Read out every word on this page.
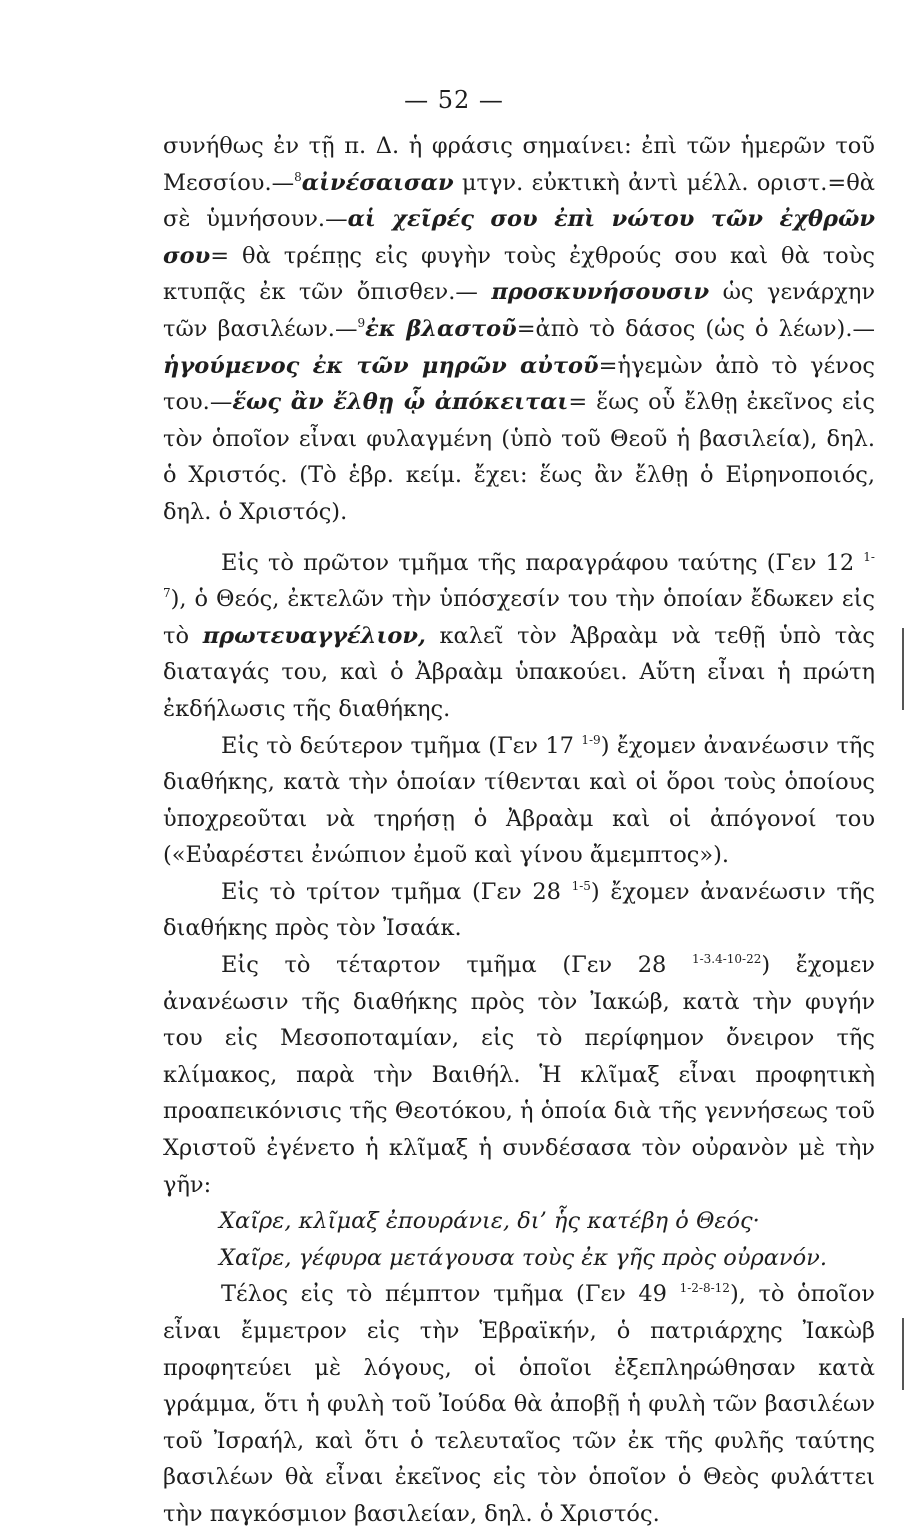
— 52 —

συνήθως ἐν τῇ π. Δ. ἡ φράσις σημαίνει: ἐπὶ τῶν ἡμερῶν τοῦ Μεσσίου.—$^8$αἰνέσαισαν μτγν. εὐκτικὴ ἀντὶ μέλλ. οριστ.=θὰ σὲ ὑμνήσουν.—αἱ χεῖρές σου ἐπὶ νώτου τῶν ἐχθρῶν σου= θὰ τρέπῃς εἰς φυγὴν τοὺς ἐχθρούς σου καὶ θὰ τοὺς κτυπᾷς ἐκ τῶν ὄπισθεν.— προσκυνήσουσιν ὡς γενάρχην τῶν βασιλέων.—$^9$ἐκ βλαστοῦ=ἀπὸ τὸ δάσος (ὡς ὁ λέων).—ἡγούμενος ἐκ τῶν μηρῶν αὐτοῦ=ἡγεμὼν ἀπὸ τὸ γένος του.—ἕως ἂν ἔλθῃ ᾧ ἀπόκειται= ἕως οὗ ἔλθῃ ἐκεῖνος εἰς τὸν ὁποῖον εἶναι φυλαγμένη (ὑπὸ τοῦ Θεοῦ ἡ βασιλεία), δηλ. ὁ Χριστός. (Τὸ ἑβρ. κείμ. ἔχει: ἕως ἂν ἔλθῃ ὁ Εἰρηνοποιός, δηλ. ὁ Χριστός).

Εἰς τὸ πρῶτον τμῆμα τῆς παραγράφου ταύτης (Γεν 12 $^{1-7}$), ὁ Θεός, ἐκτελῶν τὴν ὑπόσχεσίν του τὴν ὁποίαν ἔδωκεν εἰς τὸ πρωτευαγγέλιον, καλεῖ τὸν Ἀβραὰμ νὰ τεθῇ ὑπὸ τὰς διαταγάς του, καὶ ὁ Ἀβραὰμ ὑπακούει. Αὕτη εἶναι ἡ πρώτη ἐκδήλωσις τῆς διαθήκης.

Εἰς τὸ δεύτερον τμῆμα (Γεν 17 $^{1-9}$) ἔχομεν ἀνανέωσιν τῆς διαθήκης, κατὰ τὴν ὁποίαν τίθενται καὶ οἱ ὅροι τοὺς ὁποίους ὑποχρεοῦται νὰ τηρήσῃ ὁ Ἀβραὰμ καὶ οἱ ἀπόγονοί του («Εὐαρέστει ἐνώπιον ἐμοῦ καὶ γίνου ἄμεμπτος»).

Εἰς τὸ τρίτον τμῆμα (Γεν 28 $^{1-5}$) ἔχομεν ἀνανέωσιν τῆς διαθήκης πρὸς τὸν Ἰσαάκ.

Εἰς τὸ τέταρτον τμῆμα (Γεν 28 $^{1-3.4-10-22}$) ἔχομεν ἀνανέωσιν τῆς διαθήκης πρὸς τὸν Ἰακώβ, κατὰ τὴν φυγήν του εἰς Μεσοποταμίαν, εἰς τὸ περίφημον ὄνειρον τῆς κλίμακος, παρὰ τὴν Βαιθήλ. Ἡ κλῖμαξ εἶναι προφητικὴ προαπεικόνισις τῆς Θεοτόκου, ἡ ὁποία διὰ τῆς γεννήσεως τοῦ Χριστοῦ ἐγένετο ἡ κλῖμαξ ἡ συνδέσασα τὸν οὐρανὸν μὲ τὴν γῆν:

Χαῖρε, κλῖμαξ ἐπουράνιε, δι’ ἧς κατέβη ὁ Θεός·

Χαῖρε, γέφυρα μετάγουσα τοὺς ἐκ γῆς πρὸς οὐρανόν.

Τέλος εἰς τὸ πέμπτον τμῆμα (Γεν 49 $^{1-2-8-12}$), τὸ ὁποῖον εἶναι ἔμμετρον εἰς τὴν Ἑβραϊκήν, ὁ πατριάρχης Ἰακὼβ προφητεύει μὲ λόγους, οἱ ὁποῖοι ἐξεπληρώθησαν κατὰ γράμμα, ὅτι ἡ φυλὴ τοῦ Ἰούδα θὰ ἀποβῇ ἡ φυλὴ τῶν βασιλέων τοῦ Ἰσραήλ, καὶ ὅτι ὁ τελευταῖος τῶν ἐκ τῆς φυλῆς ταύτης βασιλέων θὰ εἶναι ἐκεῖνος εἰς τὸν ὁποῖον ὁ Θεὸς φυλάττει τὴν παγκόσμιον βασιλείαν, δηλ. ὁ Χριστός.
